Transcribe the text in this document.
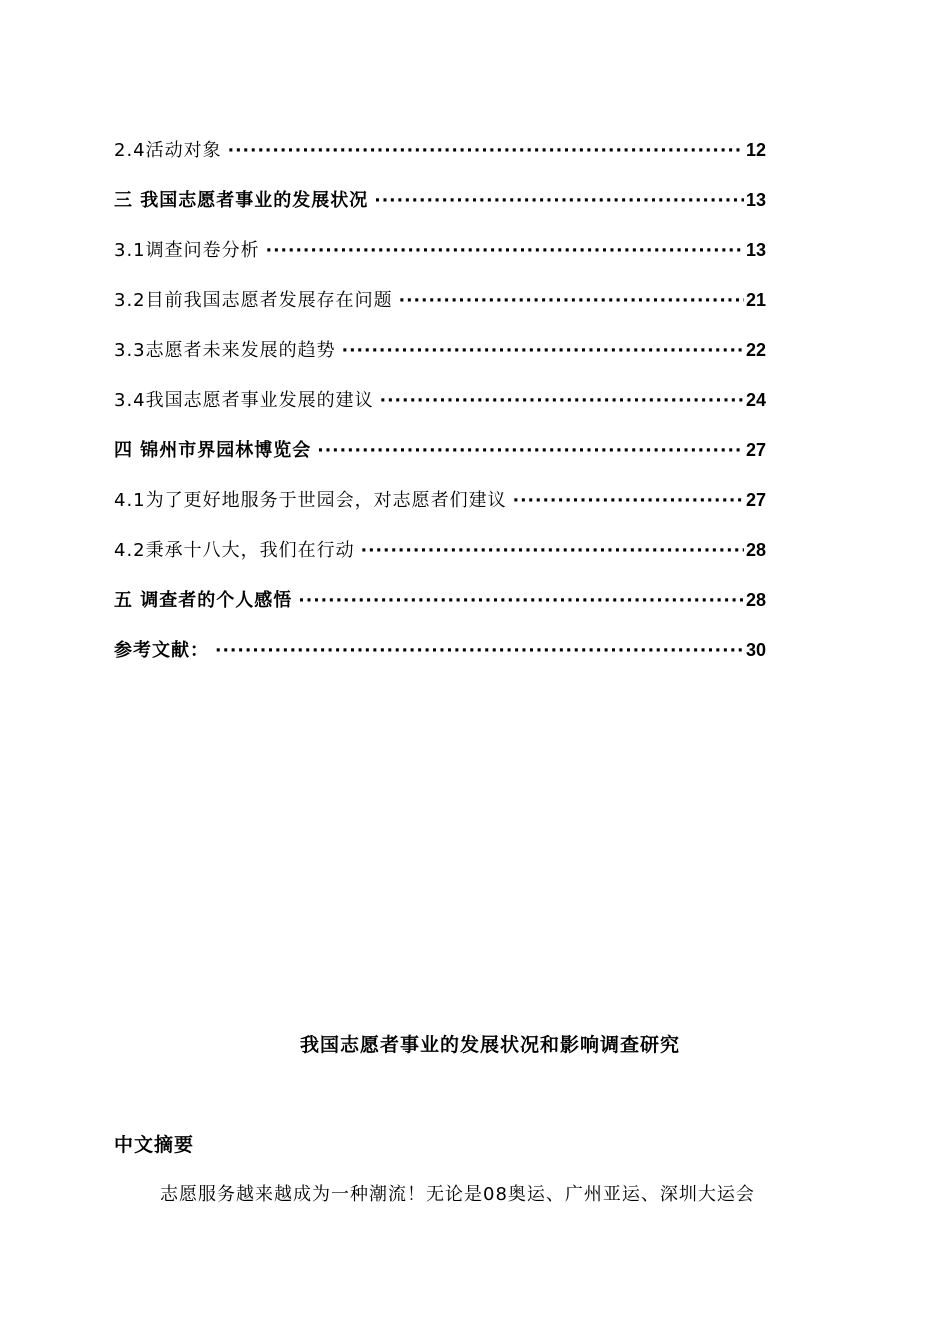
2.4活动对象 ·····	12
三 我国志愿者事业的发展状况 ·····	13
3.1调查问卷分析 ·····	13
3.2目前我国志愿者发展存在问题 ·····	21
3.3志愿者未来发展的趋势 ·····	22
3.4我国志愿者事业发展的建议 ·····	24
四 锦州市界园林博览会 ·····	27
4.1为了更好地服务于世园会，对志愿者们建议 ·····	27
4.2秉承十八大，我们在行动 ·····	28
五 调查者的个人感悟 ·····	28
参考文献： ·····	30
我国志愿者事业的发展状况和影响调查研究
中文摘要
志愿服务越来越成为一种潮流！无论是08奥运、广州亚运、深圳大运会
